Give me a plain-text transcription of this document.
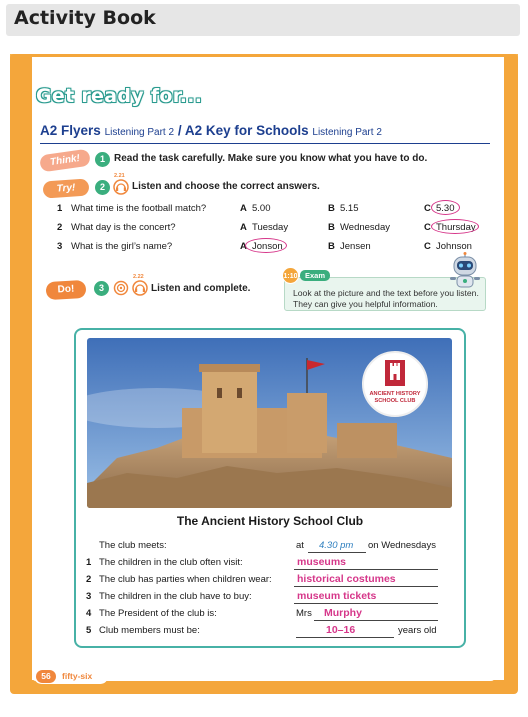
Activity Book
Get ready for...
A2 Flyers Listening Part 2 / A2 Key for Schools Listening Part 2
Think!	1 Read the task carefully. Make sure you know what you have to do.
Try!	2
2.21
Listen and choose the correct answers.
1 What time is the football match?	A 5.00	B 5.15	C 5.30
2 What day is the concert?	A Tuesday	B Wednesday	C Thursday
3 What is the girl’s name?	A Jonson	B Jensen	C Johnson
Do!	3
2.22
Listen and complete.	Look at the picture and the text before you listen. They can give you helpful information.
Exam
1:10
ANCIENT HISTORY SCHOOL CLUB
The Ancient History School Club
The club meets:	at 4.30 pm on Wednesdays
1 The children in the club often visit:	museums
2 The club has parties when children wear: historical costumes
3 The children in the club have to buy:	museum tickets
4 The President of the club is:	Mrs Murphy
5 Club members must be:	10–16	years old
56	fifty-six
